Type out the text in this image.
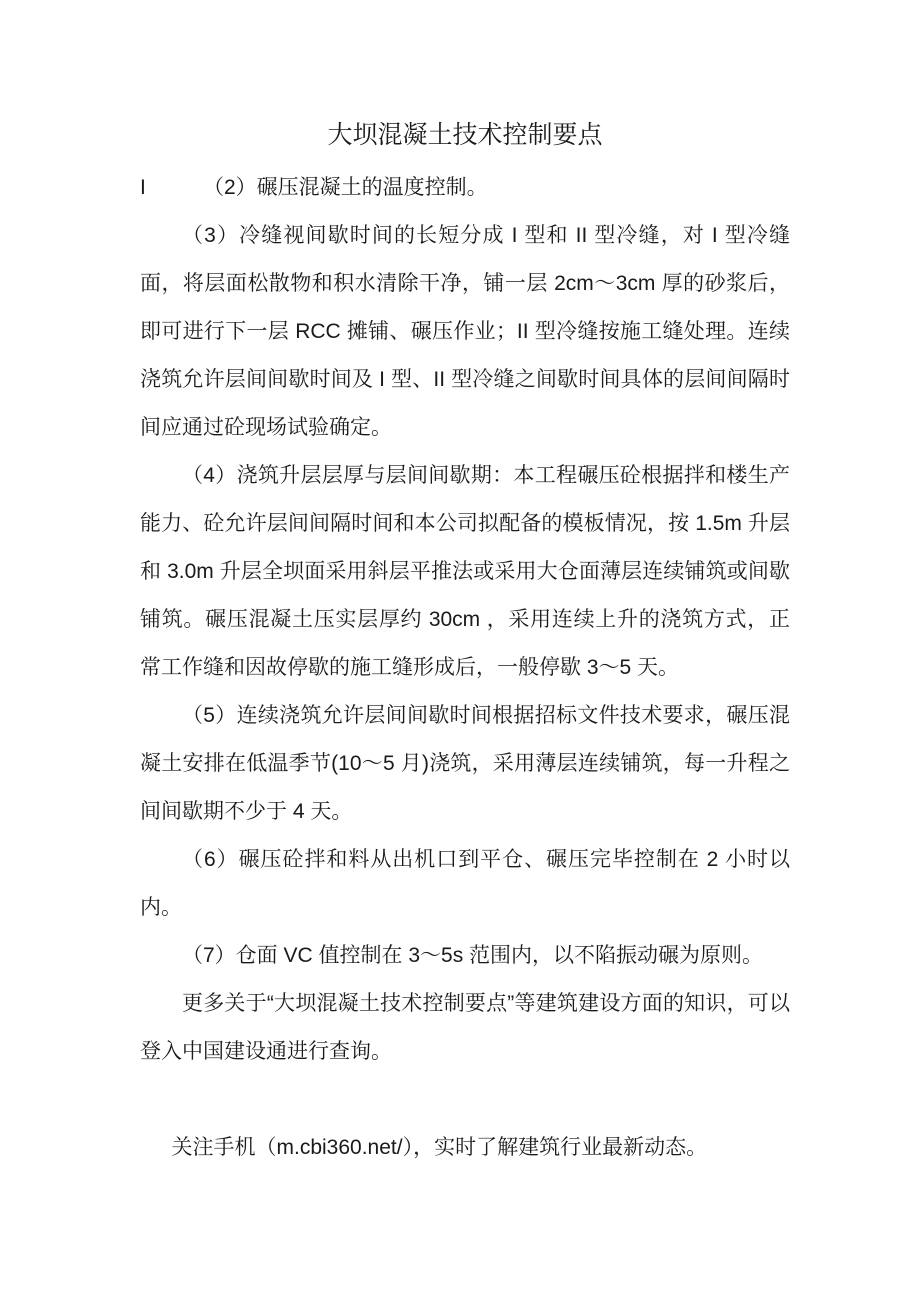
大坝混凝土技术控制要点

I	（2）碾压混凝土的温度控制。

（3）冷缝视间歇时间的长短分成 I 型和 II 型冷缝，对 I 型冷缝面，将层面松散物和积水清除干净，铺一层 2cm～3cm 厚的砂浆后，即可进行下一层 RCC 摊铺、碾压作业；II 型冷缝按施工缝处理。连续浇筑允许层间间歇时间及 I 型、II 型冷缝之间歇时间具体的层间间隔时间应通过砼现场试验确定。

（4）浇筑升层层厚与层间间歇期：本工程碾压砼根据拌和楼生产能力、砼允许层间间隔时间和本公司拟配备的模板情况，按 1.5m 升层和 3.0m 升层全坝面采用斜层平推法或采用大仓面薄层连续铺筑或间歇铺筑。碾压混凝土压实层厚约 30cm ，采用连续上升的浇筑方式，正常工作缝和因故停歇的施工缝形成后，一般停歇 3～5 天。

（5）连续浇筑允许层间间歇时间根据招标文件技术要求，碾压混凝土安排在低温季节(10～5 月)浇筑，采用薄层连续铺筑，每一升程之间间歇期不少于 4 天。

（6）碾压砼拌和料从出机口到平仓、碾压完毕控制在 2 小时以内。

（7）仓面 VC 值控制在 3～5s 范围内，以不陷振动碾为原则。

更多关于“大坝混凝土技术控制要点”等建筑建设方面的知识，可以登入中国建设通进行查询。

关注手机（m.cbi360.net/），实时了解建筑行业最新动态。
